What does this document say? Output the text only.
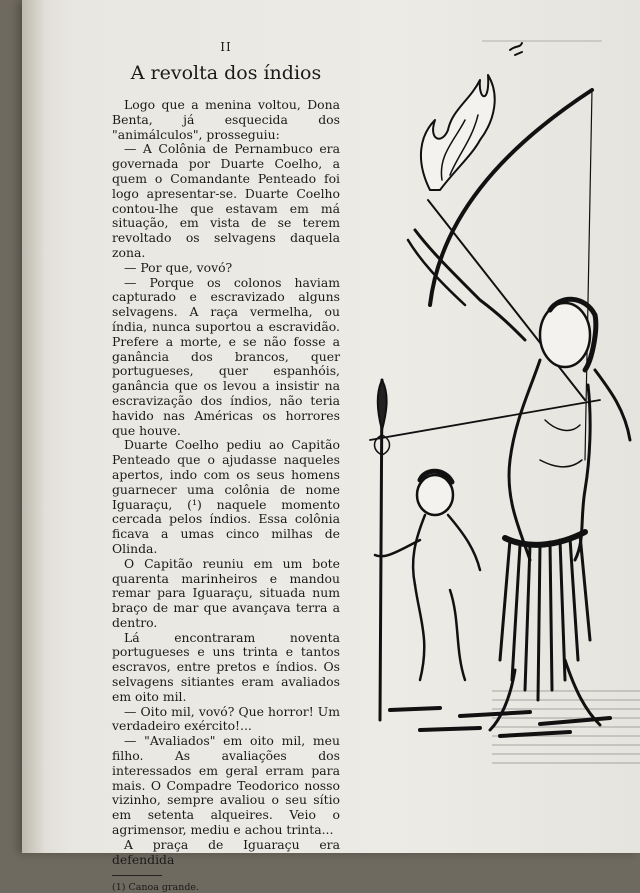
II
A revolta dos índios

Logo que a menina voltou, Dona Benta, já esquecida dos "animálculos", prosseguiu:

— A Colônia de Pernambuco era governada por Duarte Coelho, a quem o Comandante Penteado foi logo apresentar-se. Duarte Coelho contou-lhe que estavam em má situação, em vista de se terem revoltado os selvagens daquela zona.

— Por que, vovó?

— Porque os colonos haviam capturado e escravizado alguns selvagens. A raça vermelha, ou índia, nunca suportou a escravidão. Prefere a morte, e se não fosse a ganância dos brancos, quer portugueses, quer espanhóis, ganância que os levou a insistir na escravização dos índios, não teria havido nas Américas os horrores que houve.

Duarte Coelho pediu ao Capitão Penteado que o ajudasse naqueles apertos, indo com os seus homens guarnecer uma colônia de nome Iguaraçu, (¹) naquele momento cercada pelos índios. Essa colônia ficava a umas cinco milhas de Olinda.

O Capitão reuniu em um bote quarenta marinheiros e mandou remar para Iguaraçu, situada num braço de mar que avançava terra a dentro.

Lá encontraram noventa portugueses e uns trinta e tantos escravos, entre pretos e índios. Os selvagens sitiantes eram avaliados em oito mil.

— Oito mil, vovó? Que horror! Um verdadeiro exército!...

— "Avaliados" em oito mil, meu filho. As avaliações dos interessados em geral erram para mais. O Compadre Teodorico nosso vizinho, sempre avaliou o seu sítio em setenta alqueires. Veio o agrimensor, mediu e achou trinta...

A praça de Iguaraçu era defendida

(1) Canoa grande.
